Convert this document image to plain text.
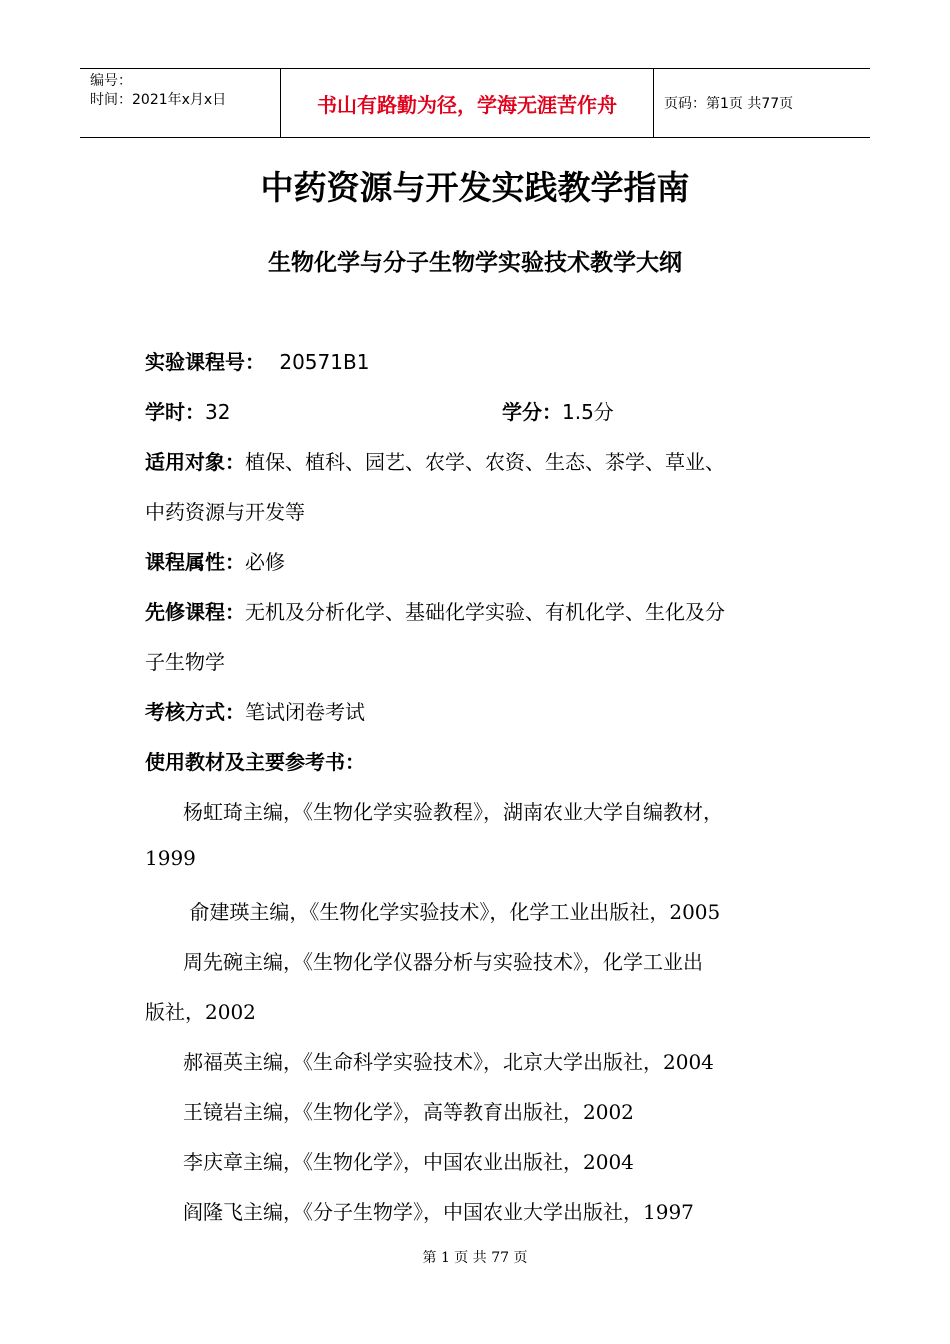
编号：
时间：2021年x月x日	书山有路勤为径，学海无涯苦作舟	页码：第1页 共77页
中药资源与开发实践教学指南
生物化学与分子生物学实验技术教学大纲
实验课程号： 20571B1
学时：32	学分：1.5分
适用对象：植保、植科、园艺、农学、农资、生态、茶学、草业、
中药资源与开发等
课程属性：必修
先修课程：无机及分析化学、基础化学实验、有机化学、生化及分
子生物学
考核方式：笔试闭卷考试
使用教材及主要参考书：
杨虹琦主编，《生物化学实验教程》，湖南农业大学自编教材，
1999
俞建瑛主编，《生物化学实验技术》，化学工业出版社，2005
周先碗主编，《生物化学仪器分析与实验技术》，化学工业出
版社，2002
郝福英主编，《生命科学实验技术》，北京大学出版社，2004
王镜岩主编，《生物化学》，高等教育出版社，2002
李庆章主编，《生物化学》，中国农业出版社，2004
阎隆飞主编，《分子生物学》，中国农业大学出版社，1997
第 1 页 共 77 页
